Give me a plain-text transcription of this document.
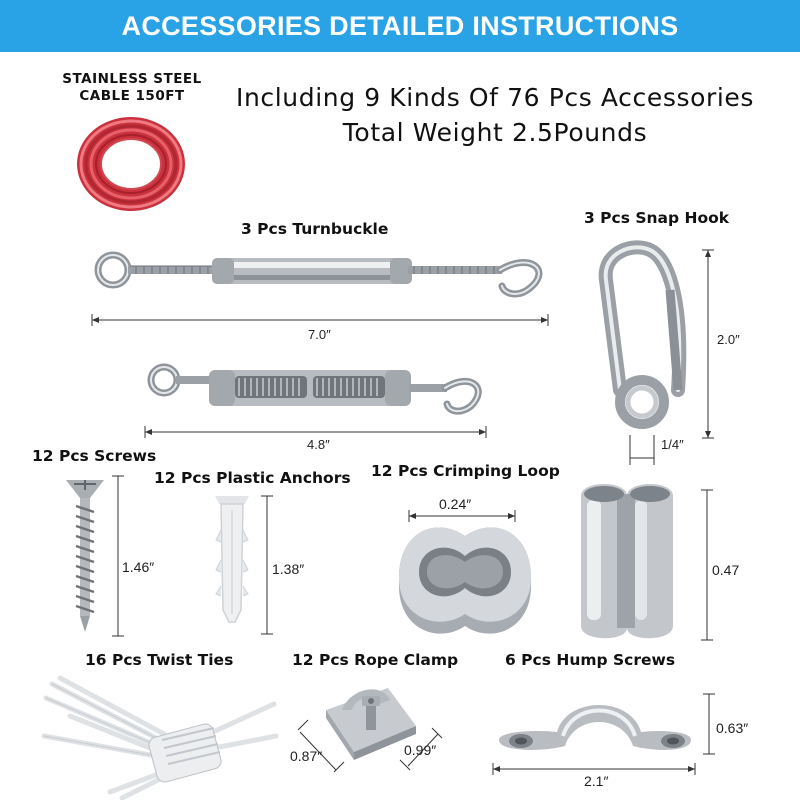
ACCESSORIES DETAILED INSTRUCTIONS
STAINLESS STEEL
CABLE 150FT	Including 9 Kinds Of 76 Pcs Accessories
Total Weight 2.5Pounds
3 Pcs Turnbuckle
7.0″
4.8″
3 Pcs Snap Hook
2.0″
1/4″
12 Pcs Screws
1.46″
12 Pcs Plastic Anchors
1.38″
12 Pcs Crimping Loop
0.24″
0.47
16 Pcs Twist Ties	12 Pcs Rope Clamp
0.87″	0.99″
6 Pcs Hump Screws
0.63″
2.1″
